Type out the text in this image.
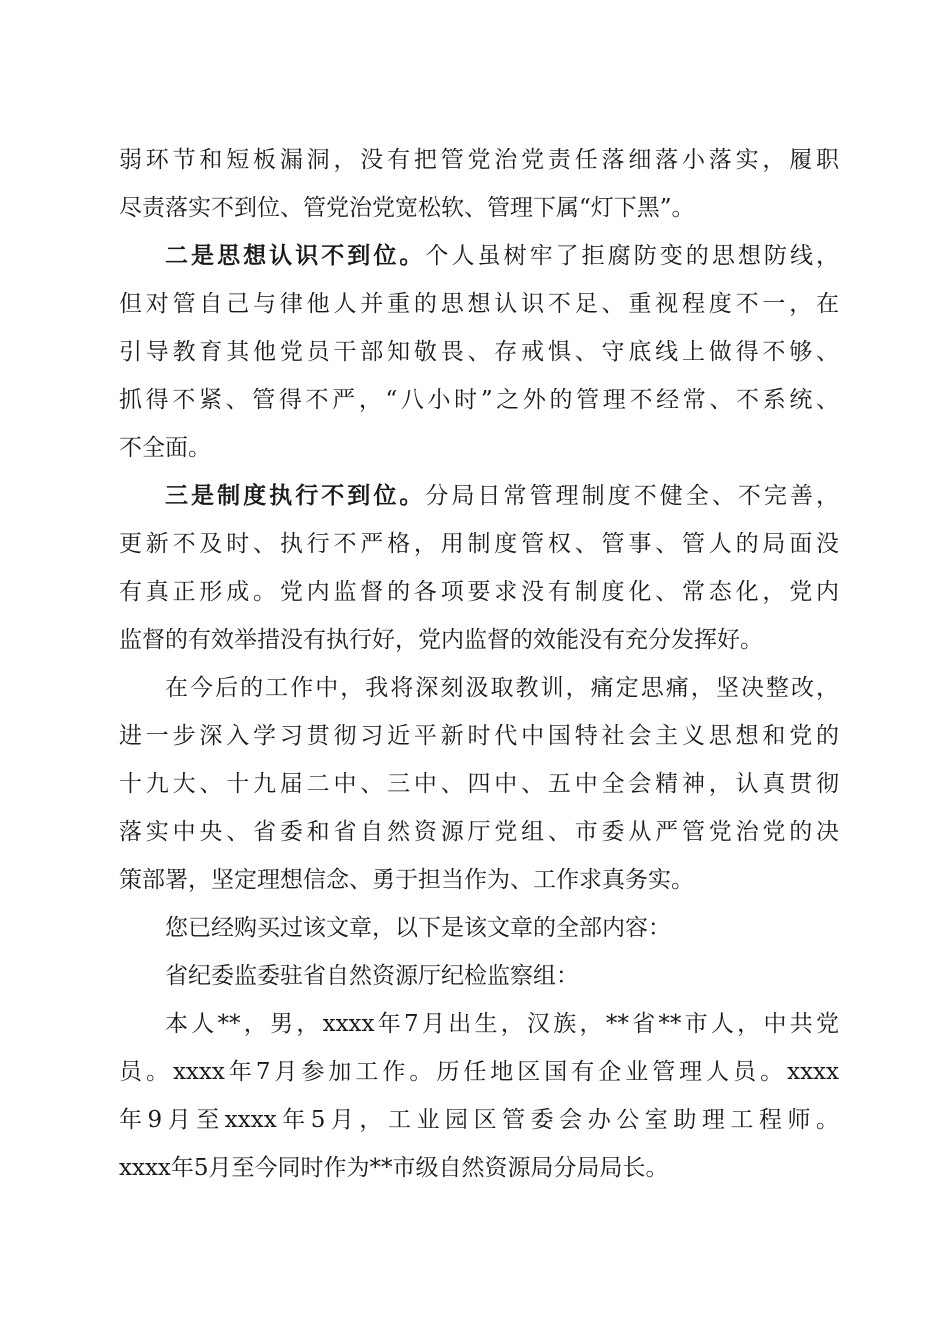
弱环节和短板漏洞，没有把管党治党责任落细落小落实，履职
尽责落实不到位、管党治党宽松软、管理下属“灯下黑”。
二是思想认识不到位。个人虽树牢了拒腐防变的思想防线，
但对管自己与律他人并重的思想认识不足、重视程度不一，在
引导教育其他党员干部知敬畏、存戒惧、守底线上做得不够、
抓得不紧、管得不严，“八小时”之外的管理不经常、不系统、
不全面。
三是制度执行不到位。分局日常管理制度不健全、不完善，
更新不及时、执行不严格，用制度管权、管事、管人的局面没
有真正形成。党内监督的各项要求没有制度化、常态化，党内
监督的有效举措没有执行好，党内监督的效能没有充分发挥好。
在今后的工作中，我将深刻汲取教训，痛定思痛，坚决整改，
进一步深入学习贯彻习近平新时代中国特社会主义思想和党的
十九大、十九届二中、三中、四中、五中全会精神，认真贯彻
落实中央、省委和省自然资源厅党组、市委从严管党治党的决
策部署，坚定理想信念、勇于担当作为、工作求真务实。
您已经购买过该文章，以下是该文章的全部内容：
省纪委监委驻省自然资源厅纪检监察组：
本人**，男，xxxx年7月出生，汉族，**省**市人，中共党
员。xxxx年7月参加工作。历任地区国有企业管理人员。xxxx
年9月至xxxx年5月，工业园区管委会办公室助理工程师。
xxxx年5月至今同时作为**市级自然资源局分局局长。
